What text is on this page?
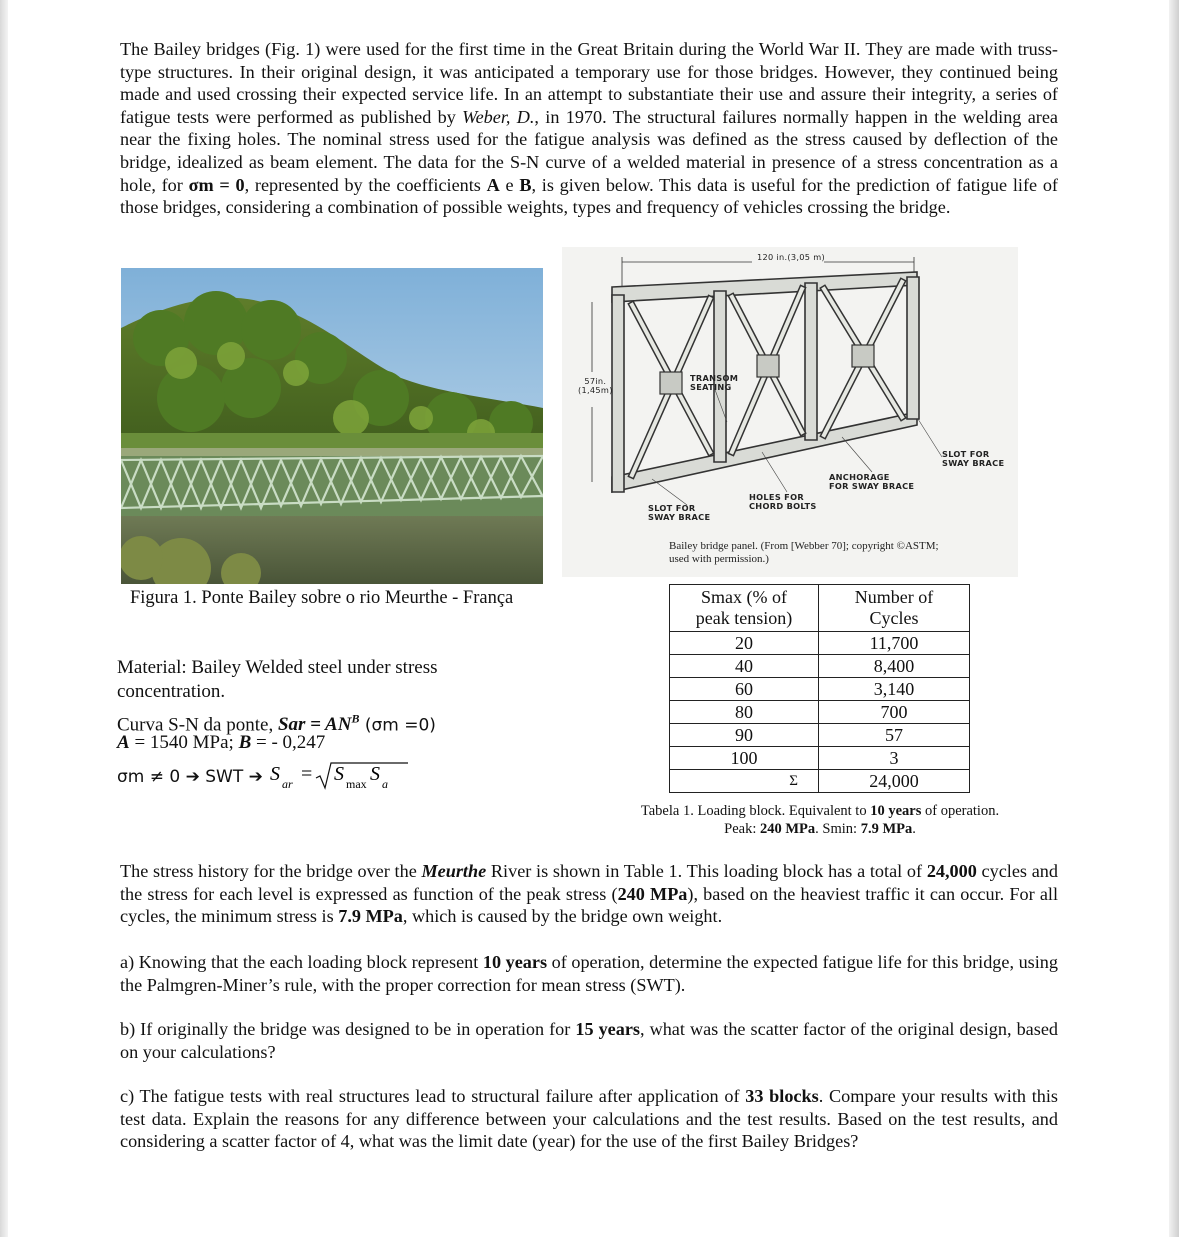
The Bailey bridges (Fig. 1) were used for the first time in the Great Britain during the World War II. They are made with truss-type structures. In their original design, it was anticipated a temporary use for those bridges. However, they continued being made and used crossing their expected service life. In an attempt to substantiate their use and assure their integrity, a series of fatigue tests were performed as published by Weber, D., in 1970. The structural failures normally happen in the welding area near the fixing holes. The nominal stress used for the fatigue analysis was defined as the stress caused by deflection of the bridge, idealized as beam element. The data for the S-N curve of a welded material in presence of a stress concentration as a hole, for σm = 0, represented by the coefficients A e B, is given below. This data is useful for the prediction of fatigue life of those bridges, considering a combination of possible weights, types and frequency of vehicles crossing the bridge.

Figura 1. Ponte Bailey sobre o rio Meurthe - França
120 in.(3,05 m)
57in.
(1,45m)
TRANSOM
SEATING
SLOT FOR
SWAY BRACE
ANCHORAGE
FOR SWAY BRACE
HOLES FOR
CHORD BOLTS
SLOT FOR
SWAY BRACE
Bailey bridge panel. (From [Webber 70]; copyright ©ASTM;
used with permission.)
Material: Bailey Welded steel under stress
concentration.
Curva S-N da ponte, Sar = $AN^B$ (σm =0)
A = 1540 MPa; B = - 0,247
σm ≠ 0 ➔ SWT ➔ S ar = S max S a
Smax (% of
peak tension)	Number of
Cycles
20	11,700
40	8,400
60	3,140
80	700
90	57
100	3
Σ	24,000
Tabela 1. Loading block. Equivalent to 10 years of operation. Peak: 240 MPa. Smin: 7.9 MPa.

The stress history for the bridge over the Meurthe River is shown in Table 1. This loading block has a total of 24,000 cycles and the stress for each level is expressed as function of the peak stress (240 MPa), based on the heaviest traffic it can occur. For all cycles, the minimum stress is 7.9 MPa, which is caused by the bridge own weight.

a) Knowing that the each loading block represent 10 years of operation, determine the expected fatigue life for this bridge, using the Palmgren-Miner’s rule, with the proper correction for mean stress (SWT).

b) If originally the bridge was designed to be in operation for 15 years, what was the scatter factor of the original design, based on your calculations?

c) The fatigue tests with real structures lead to structural failure after application of 33 blocks. Compare your results with this test data. Explain the reasons for any difference between your calculations and the test results. Based on the test results, and considering a scatter factor of 4, what was the limit date (year) for the use of the first Bailey Bridges?
